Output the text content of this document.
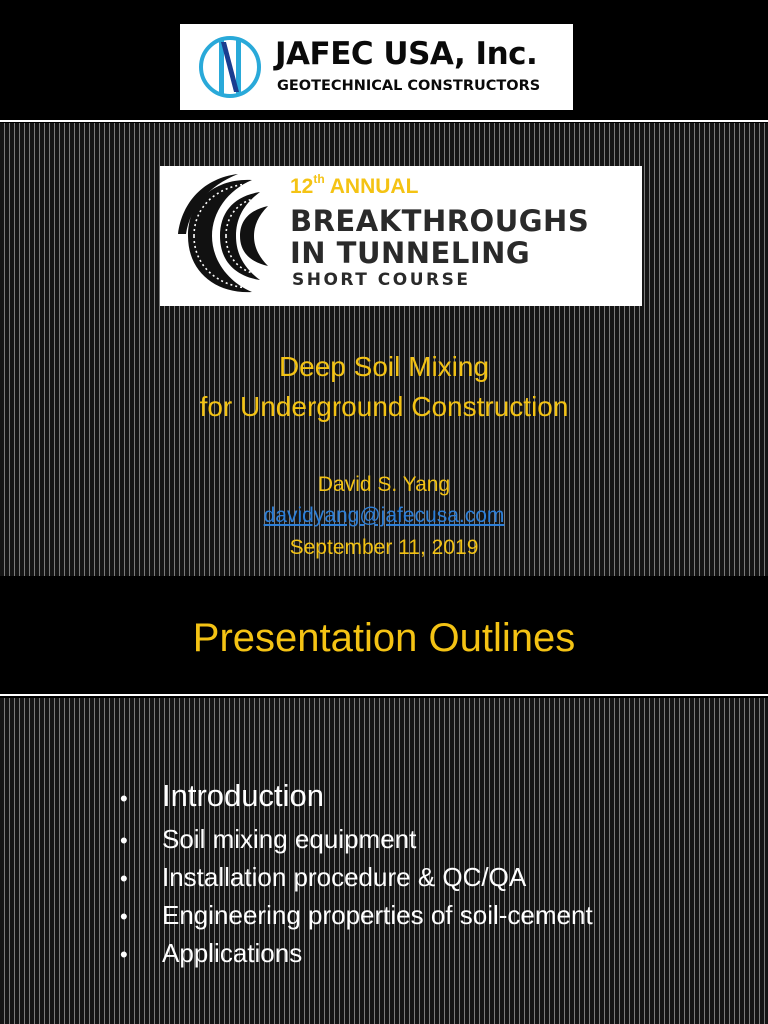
JAFEC USA, Inc.
GEOTECHNICAL CONSTRUCTORS
12th ANNUAL
BREAKTHROUGHS
IN TUNNELING
SHORT COURSE
Deep Soil Mixing
for Underground Construction
David S. Yang
davidyang@jafecusa.com
September 11, 2019
Presentation Outlines
•	Introduction
•	Soil mixing equipment
•	Installation procedure & QC/QA
•	Engineering properties of soil-cement
•	Applications
